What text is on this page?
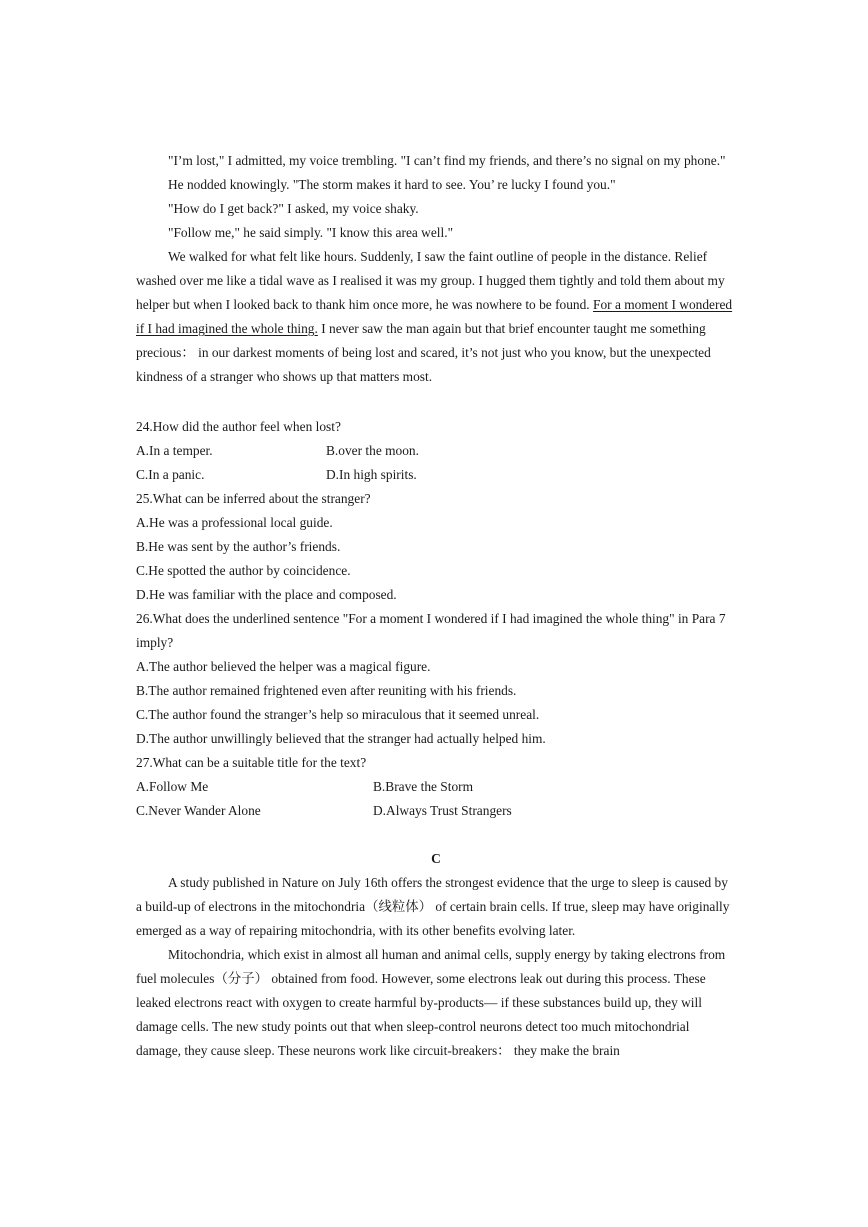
"I’m lost," I admitted, my voice trembling. "I can’t find my friends, and there’s no signal on my phone."

He nodded knowingly. "The storm makes it hard to see. You’ re lucky I found you."

"How do I get back?" I asked, my voice shaky.

"Follow me," he said simply. "I know this area well."

We walked for what felt like hours. Suddenly, I saw the faint outline of people in the distance. Relief washed over me like a tidal wave as I realised it was my group. I hugged them tightly and told them about my helper but when I looked back to thank him once more, he was nowhere to be found. For a moment I wondered if I had imagined the whole thing. I never saw the man again but that brief encounter taught me something precious： in our darkest moments of being lost and scared, it’s not just who you know, but the unexpected kindness of a stranger who shows up that matters most.

24.How did the author feel when lost?

A.In a temper.	B.over the moon.
C.In a panic.	D.In high spirits.

25.What can be inferred about the stranger?

A.He was a professional local guide.

B.He was sent by the author’s friends.

C.He spotted the author by coincidence.

D.He was familiar with the place and composed.

26.What does the underlined sentence "For a moment I wondered if I had imagined the whole thing" in Para 7 imply?

A.The author believed the helper was a magical figure.

B.The author remained frightened even after reuniting with his friends.

C.The author found the stranger’s help so miraculous that it seemed unreal.

D.The author unwillingly believed that the stranger had actually helped him.

27.What can be a suitable title for the text?

A.Follow Me	B.Brave the Storm
C.Never Wander Alone	D.Always Trust Strangers

C

A study published in Nature on July 16th offers the strongest evidence that the urge to sleep is caused by a build-up of electrons in the mitochondria（线粒体） of certain brain cells. If true, sleep may have originally emerged as a way of repairing mitochondria, with its other benefits evolving later.

Mitochondria, which exist in almost all human and animal cells, supply energy by taking electrons from fuel molecules（分子） obtained from food. However, some electrons leak out during this process. These leaked electrons react with oxygen to create harmful by-products— if these substances build up, they will damage cells. The new study points out that when sleep-control neurons detect too much mitochondrial damage, they cause sleep. These neurons work like circuit-breakers： they make the brain
